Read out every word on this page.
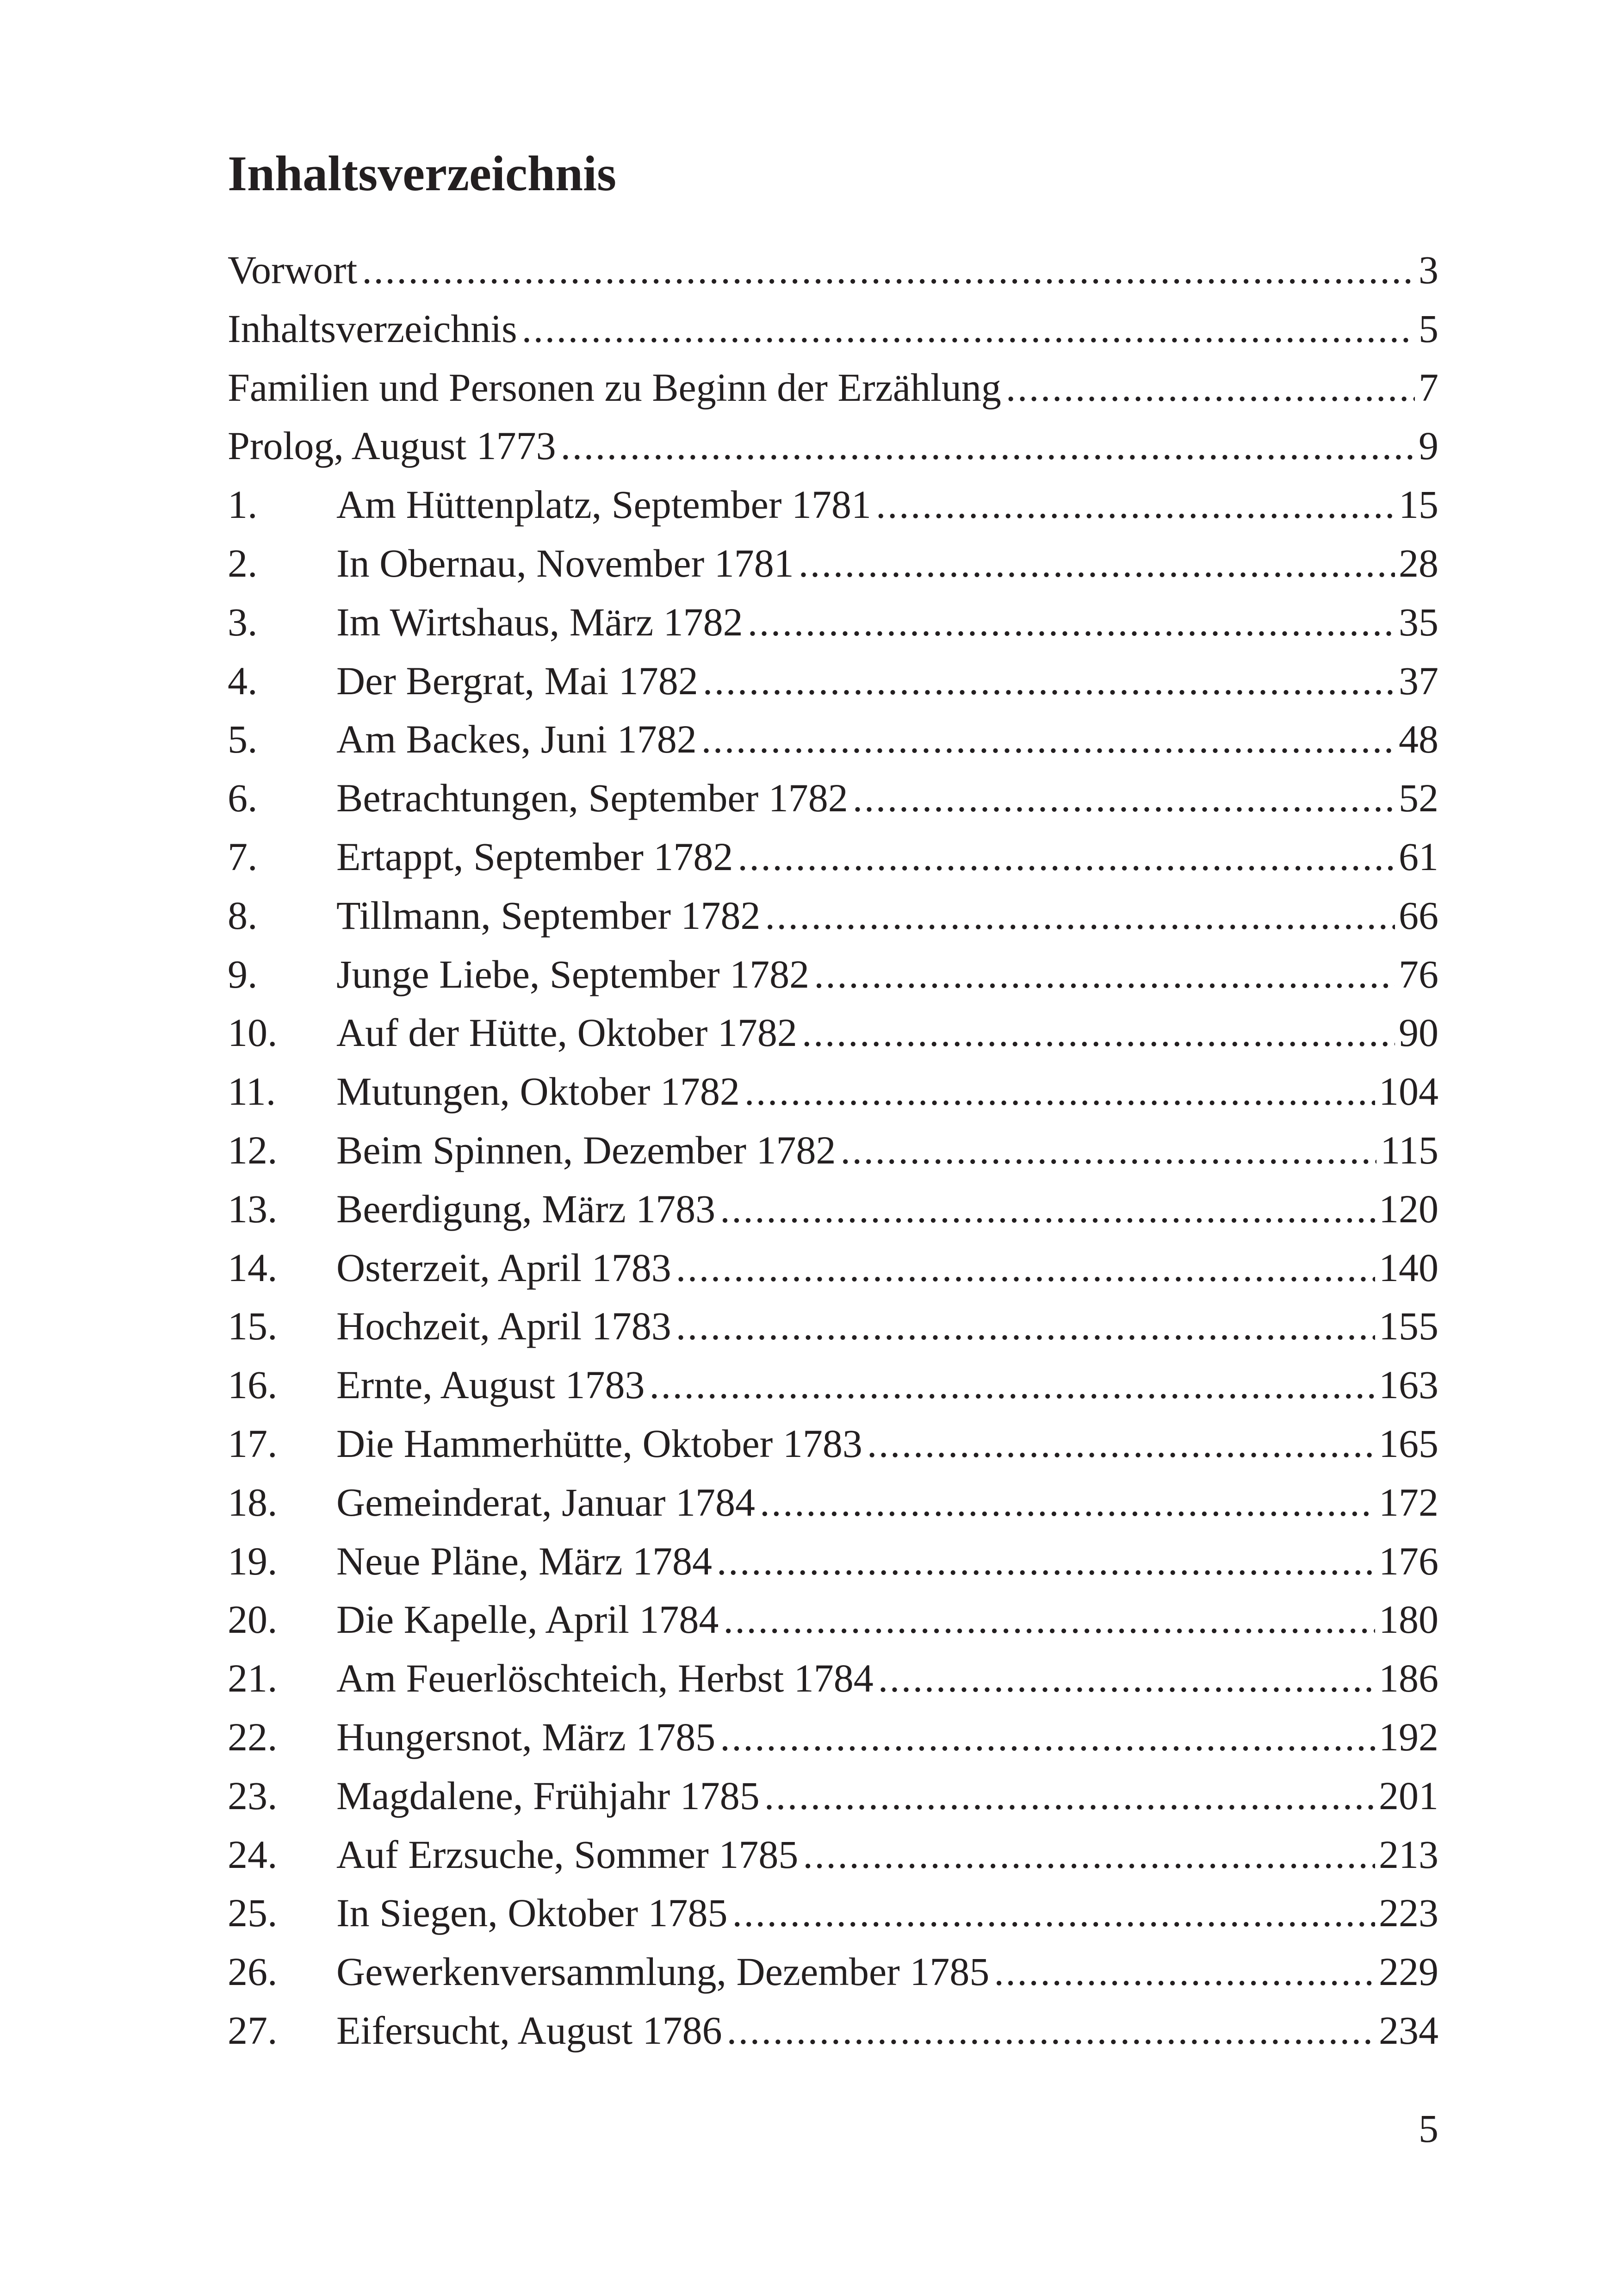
Inhaltsverzeichnis
Vorwort . . .	3
Inhaltsverzeichnis . . .	5
Familien und Personen zu Beginn der Erzählung . . .	7
Prolog, August 1773 . . .	9
1.	Am Hüttenplatz, September 1781 . . .	15
2.	In Obernau, November 1781 . . .	28
3.	Im Wirtshaus, März 1782 . . .	35
4.	Der Bergrat, Mai 1782 . . .	37
5.	Am Backes, Juni 1782 . . .	48
6.	Betrachtungen, September 1782 . . .	52
7.	Ertappt, September 1782 . . .	61
8.	Tillmann, September 1782 . . .	66
9.	Junge Liebe, September 1782 . . .	76
10.	Auf der Hütte, Oktober 1782 . . .	90
11.	Mutungen, Oktober 1782 . . .	104
12.	Beim Spinnen, Dezember 1782 . . .	115
13.	Beerdigung, März 1783 . . .	120
14.	Osterzeit, April 1783 . . .	140
15.	Hochzeit, April 1783 . . .	155
16.	Ernte, August 1783 . . .	163
17.	Die Hammerhütte, Oktober 1783 . . .	165
18.	Gemeinderat, Januar 1784 . . .	172
19.	Neue Pläne, März 1784 . . .	176
20.	Die Kapelle, April 1784 . . .	180
21.	Am Feuerlöschteich, Herbst 1784 . . .	186
22.	Hungersnot, März 1785 . . .	192
23.	Magdalene, Frühjahr 1785 . . .	201
24.	Auf Erzsuche, Sommer 1785 . . .	213
25.	In Siegen, Oktober 1785 . . .	223
26.	Gewerkenversammlung, Dezember 1785 . . .	229
27.	Eifersucht, August 1786 . . .	234
5
